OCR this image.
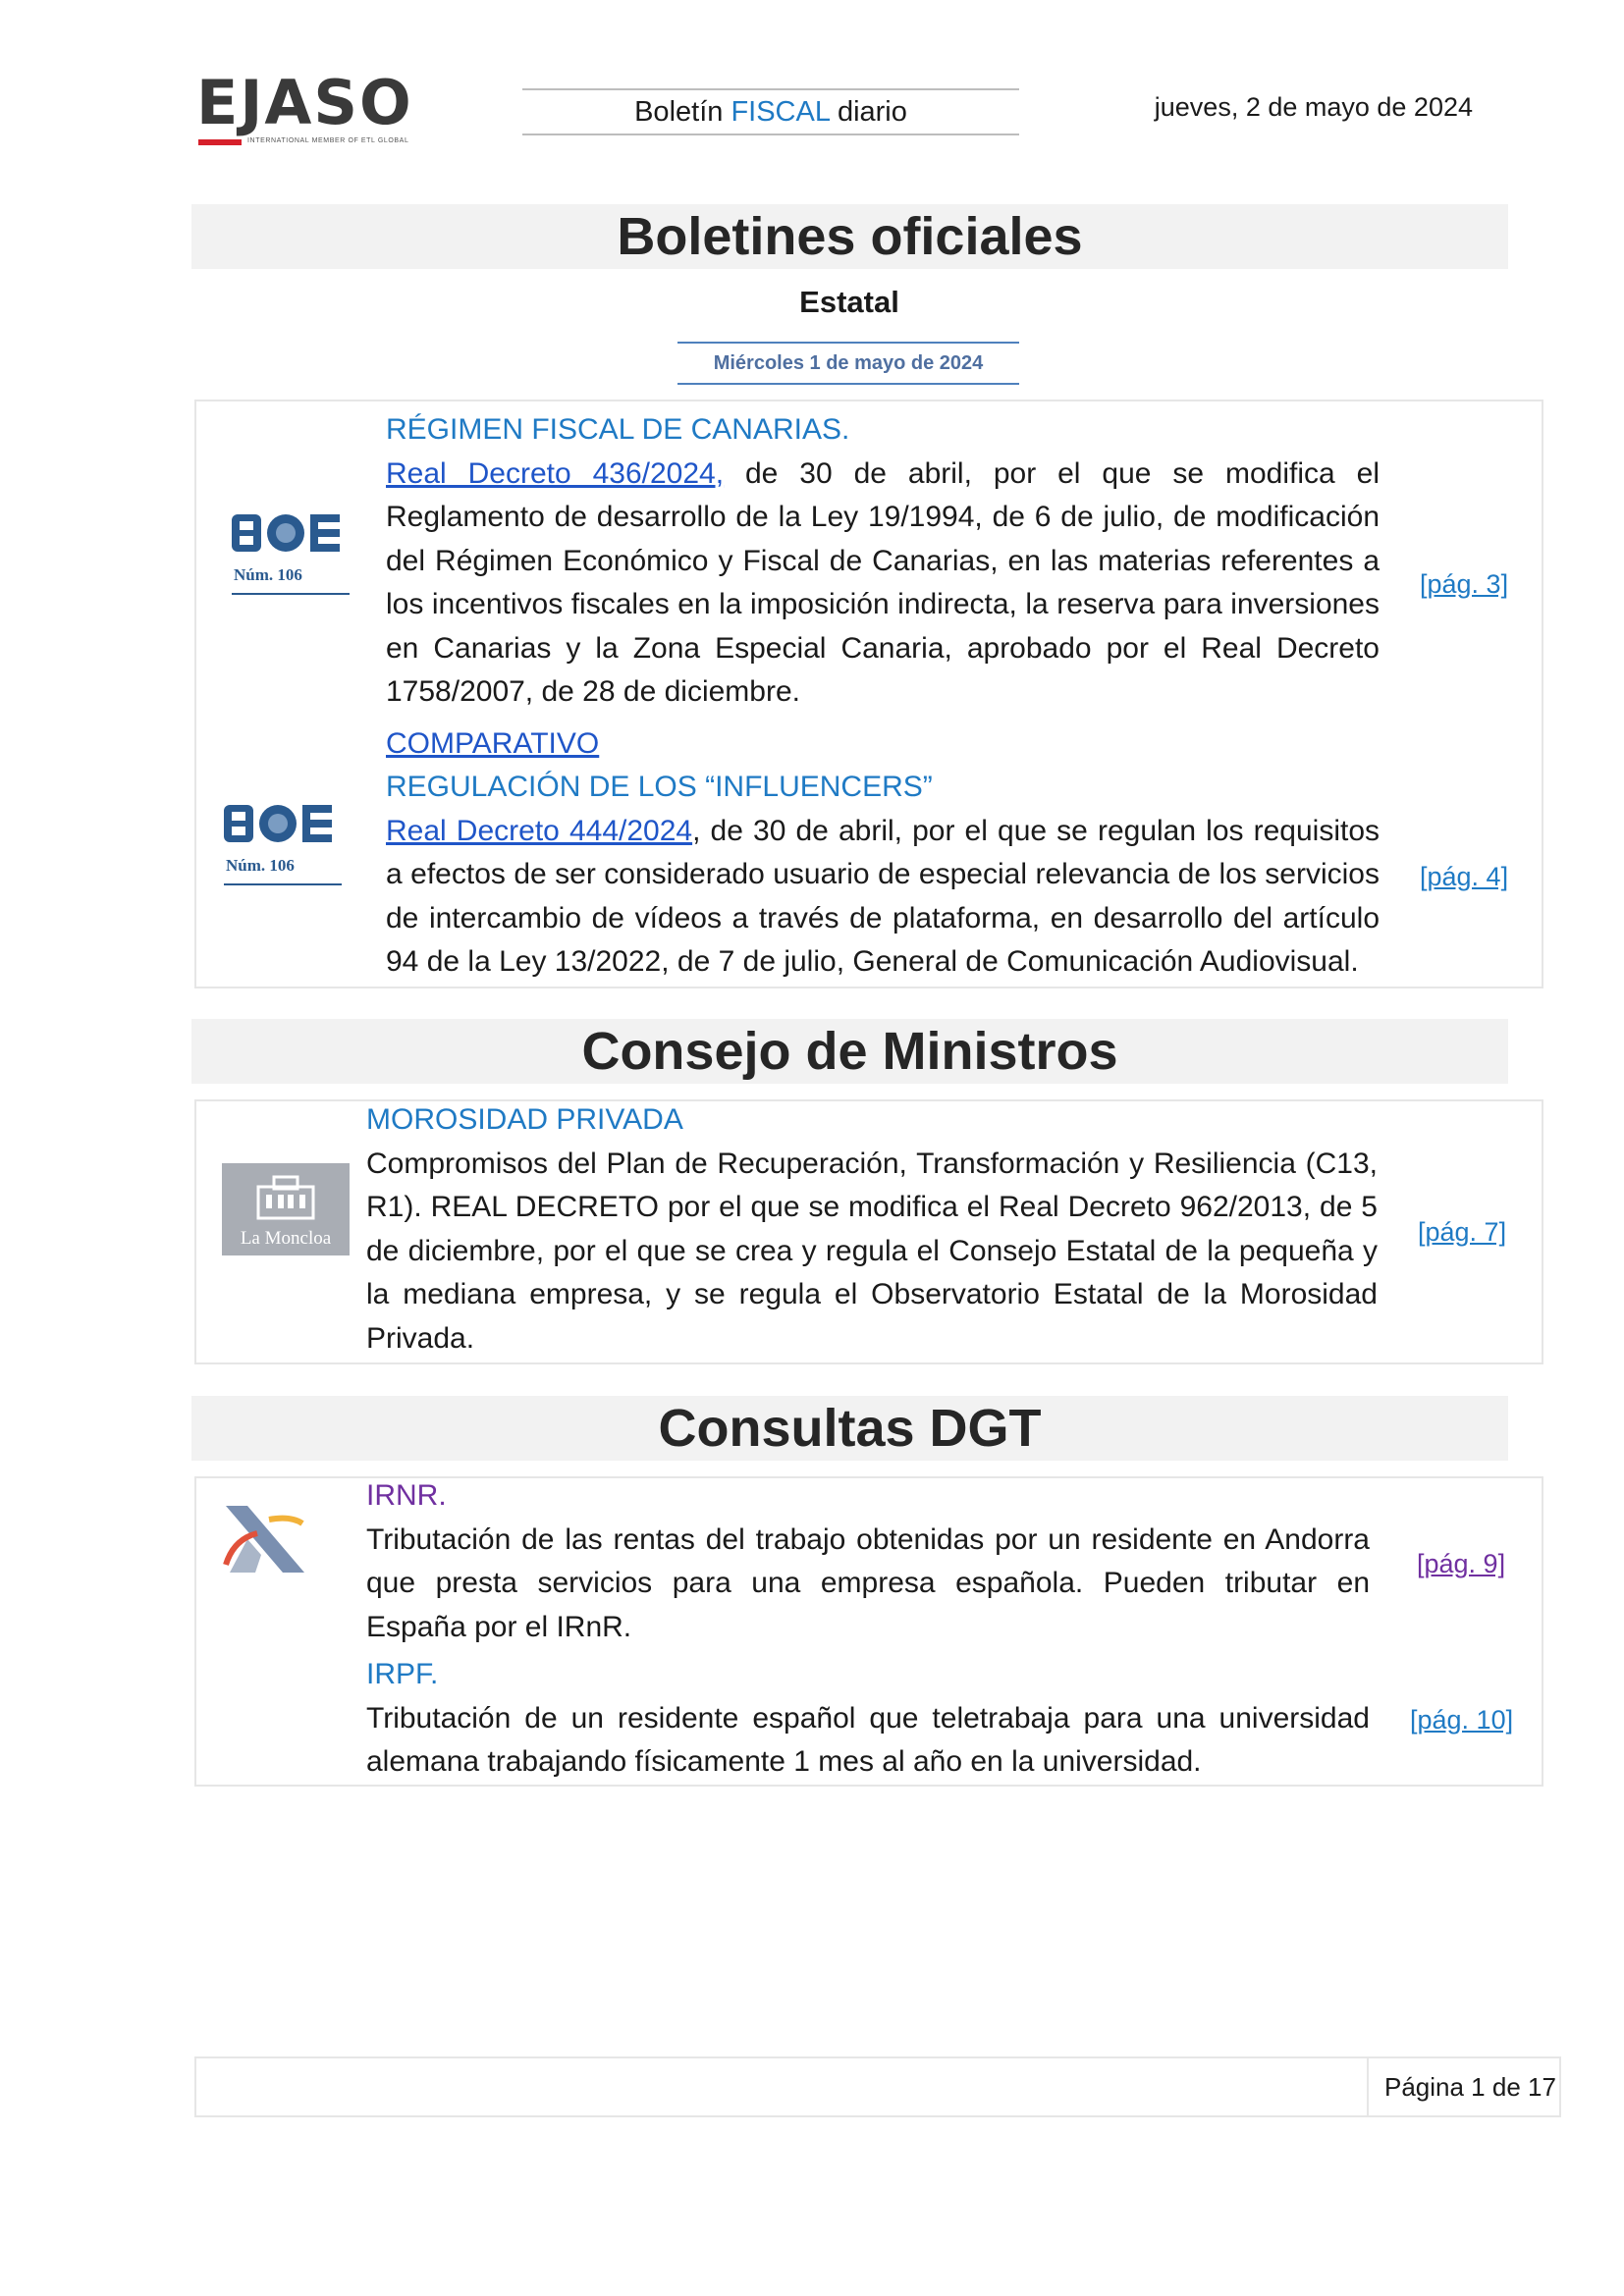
EJASO
INTERNATIONAL MEMBER OF ETL GLOBAL
Boletín FISCAL diario	jueves, 2 de mayo de 2024
Boletines oficiales
Estatal
Miércoles 1 de mayo de 2024
Núm. 106
RÉGIMEN FISCAL DE CANARIAS.
Real Decreto 436/2024, de 30 de abril, por el que se modifica el Reglamento de desarrollo de la Ley 19/1994, de 6 de julio, de modificación del Régimen Económico y Fiscal de Canarias, en las materias referentes a los incentivos fiscales en la imposición indirecta, la reserva para inversiones en Canarias y la Zona Especial Canaria, aprobado por el Real Decreto 1758/2007, de 28 de diciembre.
COMPARATIVO
[pág. 3]
Núm. 106
REGULACIÓN DE LOS “INFLUENCERS”
Real Decreto 444/2024, de 30 de abril, por el que se regulan los requisitos a efectos de ser considerado usuario de especial relevancia de los servicios de intercambio de vídeos a través de plataforma, en desarrollo del artículo 94 de la Ley 13/2022, de 7 de julio, General de Comunicación Audiovisual.
[pág. 4]
Consejo de Ministros
La Moncloa
MOROSIDAD PRIVADA
Compromisos del Plan de Recuperación, Transformación y Resiliencia (C13, R1). REAL DECRETO por el que se modifica el Real Decreto 962/2013, de 5 de diciembre, por el que se crea y regula el Consejo Estatal de la pequeña y la mediana empresa, y se regula el Observatorio Estatal de la Morosidad Privada.
[pág. 7]
Consultas DGT
IRNR.
Tributación de las rentas del trabajo obtenidas por un residente en Andorra que presta servicios para una empresa española. Pueden tributar en España por el IRnR.
[pág. 9]
IRPF.
Tributación de un residente español que teletrabaja para una universidad alemana trabajando físicamente 1 mes al año en la universidad.
[pág. 10]
Página 1 de 17
